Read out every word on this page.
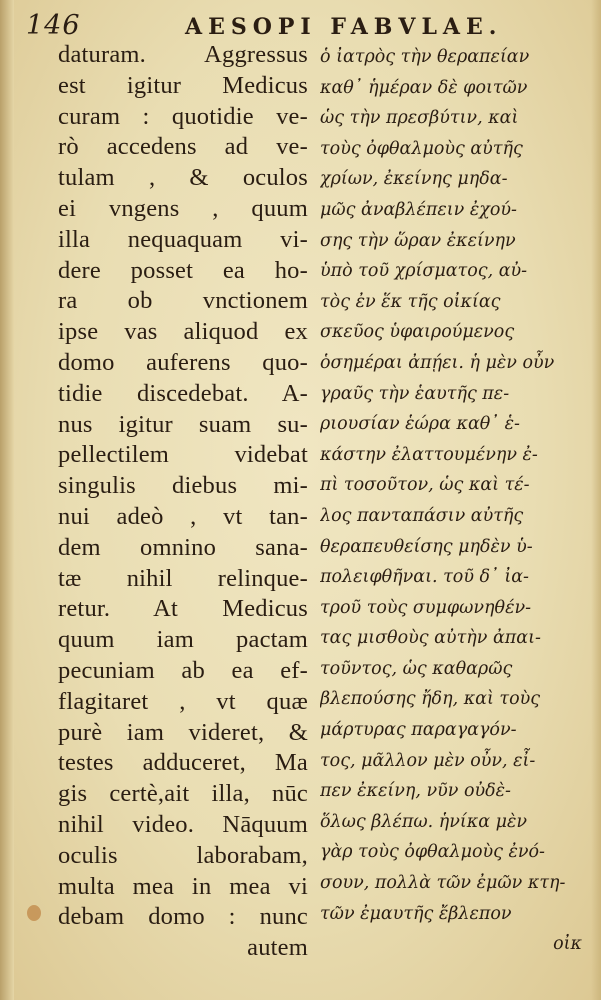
146	AESOPI FABVLAE.
daturam. Aggressus
est igitur Medicus
curam : quotidie ve-
rò accedens ad ve-
tulam , & oculos
ei vngens , quum
illa nequaquam vi-
dere posset ea ho-
ra ob vnctionem
ipse vas aliquod ex
domo auferens quo-
tidie discedebat. A-
nus igitur suam su-
pellectilem videbat
singulis diebus mi-
nui adeò , vt tan-
dem omnino sana-
tæ nihil relinque-
retur. At Medicus
quum iam pactam
pecuniam ab ea ef-
flagitaret , vt quæ
purè iam videret, &
testes adduceret, Ma
gis certè,ait illa, nūc
nihil video. Nāquum
oculis laborabam,
multa mea in mea vi
debam domo : nunc
autem
ὁ ἰατρὸς τὴν θεραπείαν
καθ᾽ ἡμέραν δὲ φοιτῶν
ὡς τὴν πρεσβύτιν, καὶ
τοὺς ὀφθαλμοὺς αὐτῆς
χρίων, ἐκείνης μηδα-
μῶς ἀναβλέπειν ἐχού-
σης τὴν ὥραν ἐκείνην
ὑπὸ τοῦ χρίσματος, αὐ-
τὸς ἐν ἕκ τῆς οἰκίας
σκεῦος ὑφαιρούμενος
ὁσημέραι ἀπῄει. ἡ μὲν οὖν
γραῦς τὴν ἑαυτῆς πε-
ριουσίαν ἑώρα καθ᾽ ἑ-
κάστην ἐλαττουμένην ἐ-
πὶ τοσοῦτον, ὡς καὶ τέ-
λος πανταπάσιν αὐτῆς
θεραπευθείσης μηδὲν ὑ-
πολειφθῆναι. τοῦ δ᾽ ἰα-
τροῦ τοὺς συμφωνηθέν-
τας μισθοὺς αὐτὴν ἀπαι-
τοῦντος, ὡς καθαρῶς
βλεπούσης ἤδη, καὶ τοὺς
μάρτυρας παραγαγόν-
τος, μᾶλλον μὲν οὖν, εἶ-
πεν ἐκείνη, νῦν οὐδὲ-
ὅλως βλέπω. ἡνίκα μὲν
γὰρ τοὺς ὀφθαλμοὺς ἐνό-
σουν, πολλὰ τῶν ἐμῶν κτη-
τῶν ἐμαυτῆς ἔβλεπον
οἰκ
